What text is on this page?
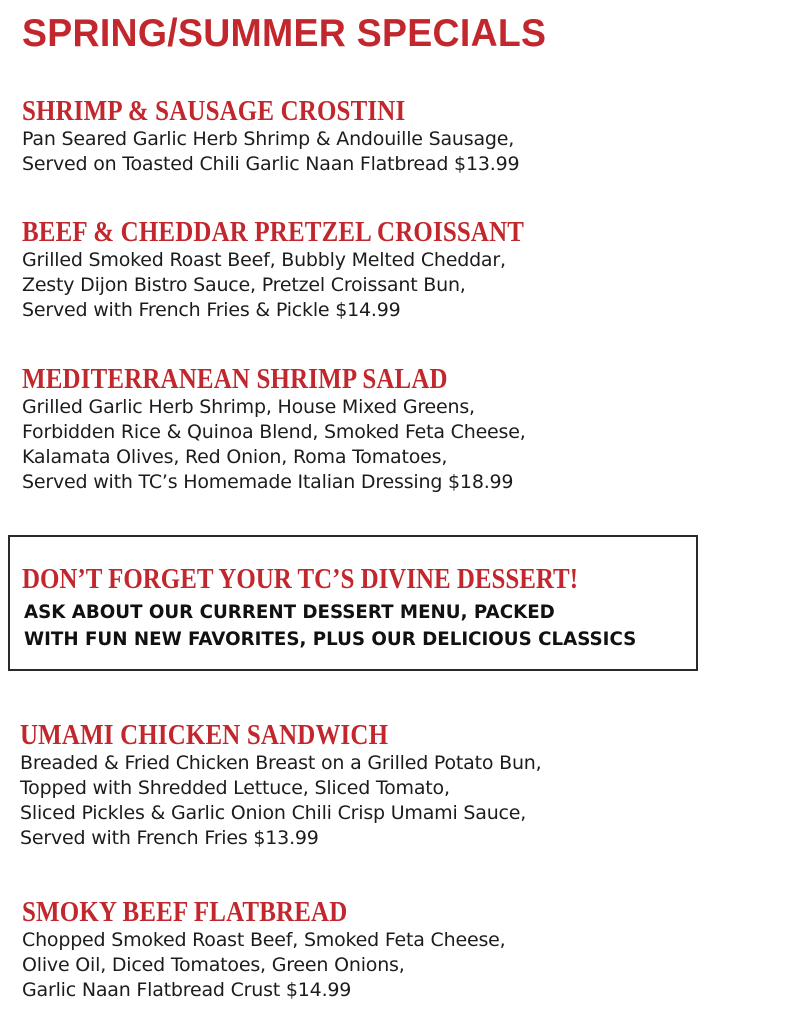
SPRING/SUMMER SPECIALS
SHRIMP & SAUSAGE CROSTINI

Pan Seared Garlic Herb Shrimp & Andouille Sausage,
Served on Toasted Chili Garlic Naan Flatbread $13.99

BEEF & CHEDDAR PRETZEL CROISSANT

Grilled Smoked Roast Beef, Bubbly Melted Cheddar,
Zesty Dijon Bistro Sauce, Pretzel Croissant Bun,
Served with French Fries & Pickle $14.99

MEDITERRANEAN SHRIMP SALAD

Grilled Garlic Herb Shrimp, House Mixed Greens,
Forbidden Rice & Quinoa Blend, Smoked Feta Cheese,
Kalamata Olives, Red Onion, Roma Tomatoes,
Served with TC’s Homemade Italian Dressing $18.99

DON’T FORGET YOUR TC’S DIVINE DESSERT!

ASK ABOUT OUR CURRENT DESSERT MENU, PACKED
WITH FUN NEW FAVORITES, PLUS OUR DELICIOUS CLASSICS

UMAMI CHICKEN SANDWICH

Breaded & Fried Chicken Breast on a Grilled Potato Bun,
Topped with Shredded Lettuce, Sliced Tomato,
Sliced Pickles & Garlic Onion Chili Crisp Umami Sauce,
Served with French Fries $13.99

SMOKY BEEF FLATBREAD

Chopped Smoked Roast Beef, Smoked Feta Cheese,
Olive Oil, Diced Tomatoes, Green Onions,
Garlic Naan Flatbread Crust $14.99
